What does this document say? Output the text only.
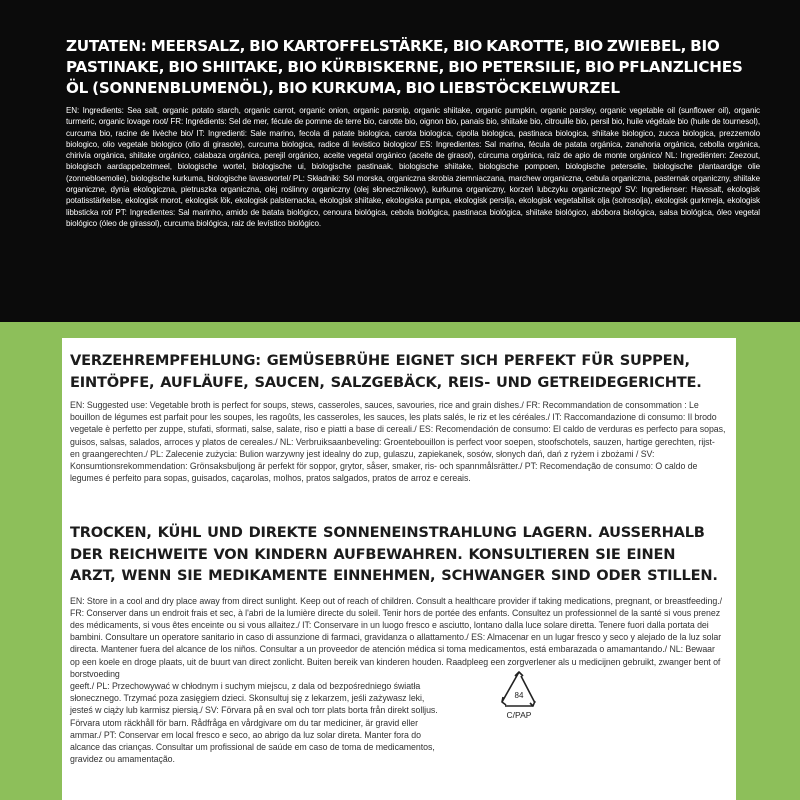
ZUTATEN: MEERSALZ, BIO KARTOFFELSTÄRKE, BIO KAROTTE, BIO ZWIEBEL, BIO PASTINAKE, BIO SHIITAKE, BIO KÜRBISKERNE, BIO PETERSILIE, BIO PFLANZLICHES ÖL (SONNENBLUMENÖL), BIO KURKUMA, BIO LIEBSTÖCKELWURZEL

EN: Ingredients: Sea salt, organic potato starch, organic carrot, organic onion, organic parsnip, organic shiitake, organic pumpkin, organic parsley, organic vegetable oil (sunflower oil), organic turmeric, organic lovage root/ FR: Ingrédients: Sel de mer, fécule de pomme de terre bio, carotte bio, oignon bio, panais bio, shiitake bio, citrouille bio, persil bio, huile végétale bio (huile de tournesol), curcuma bio, racine de livèche bio/ IT: Ingredienti: Sale marino, fecola di patate biologica, carota biologica, cipolla biologica, pastinaca biologica, shiitake biologico, zucca biologica, prezzemolo biologico, olio vegetale biologico (olio di girasole), curcuma biologica, radice di levistico biologico/ ES: Ingredientes: Sal marina, fécula de patata orgánica, zanahoria orgánica, cebolla orgánica, chirivía orgánica, shiitake orgánico, calabaza orgánica, perejil orgánico, aceite vegetal orgánico (aceite de girasol), cúrcuma orgánica, raíz de apio de monte orgánico/ NL: Ingrediënten: Zeezout, biologisch aardappelzetmeel, biologische wortel, biologische ui, biologische pastinaak, biologische shiitake, biologische pompoen, biologische peterselie, biologische plantaardige olie (zonnebloemolie), biologische kurkuma, biologische lavaswortel/ PL: Składniki: Sól morska, organiczna skrobia ziemniaczana, marchew organiczna, cebula organiczna, pasternak organiczny, shiitake organiczne, dynia ekologiczna, pietruszka organiczna, olej roślinny organiczny (olej słonecznikowy), kurkuma organiczny, korzeń lubczyku organicznego/ SV: Ingredienser: Havssalt, ekologisk potatisstärkelse, ekologisk morot, ekologisk lök, ekologisk palsternacka, ekologisk shiitake, ekologiska pumpa, ekologisk persilja, ekologisk vegetabilisk olja (solrosolja), ekologisk gurkmeja, ekologisk libbsticka rot/ PT: Ingredientes: Sal marinho, amido de batata biológico, cenoura biológica, cebola biológica, pastinaca biológica, shiitake biológico, abóbora biológica, salsa biológica, óleo vegetal biológico (óleo de girassol), curcuma biológica, raiz de levístico biológico.

VERZEHREMPFEHLUNG: GEMÜSEBRÜHE EIGNET SICH PERFEKT FÜR SUPPEN, EINTÖPFE, AUFLÄUFE, SAUCEN, SALZGEBÄCK, REIS- UND GETREIDEGERICHTE.

EN: Suggested use: Vegetable broth is perfect for soups, stews, casseroles, sauces, savouries, rice and grain dishes./ FR: Recommandation de consommation : Le bouillon de légumes est parfait pour les soupes, les ragoûts, les casseroles, les sauces, les plats salés, le riz et les céréales./ IT: Raccomandazione di consumo: Il brodo vegetale è perfetto per zuppe, stufati, sformati, salse, salate, riso e piatti a base di cereali./ ES: Recomendación de consumo: El caldo de verduras es perfecto para sopas, guisos, salsas, salados, arroces y platos de cereales./ NL: Verbruiksaanbeveling: Groentebouillon is perfect voor soepen, stoofschotels, sauzen, hartige gerechten, rijst- en graangerechten./ PL: Zalecenie zużycia: Bulion warzywny jest idealny do zup, gulaszu, zapiekanek, sosów, słonych dań, dań z ryżem i zbożami / SV: Konsumtionsrekommendation: Grönsaksbuljong är perfekt för soppor, grytor, såser, smaker, ris- och spannmålsrätter./ PT: Recomendação de consumo: O caldo de legumes é perfeito para sopas, guisados, caçarolas, molhos, pratos salgados, pratos de arroz e cereais.

TROCKEN, KÜHL UND DIREKTE SONNENEINSTRAHLUNG LAGERN. AUSSERHALB DER REICHWEITE VON KINDERN AUFBEWAHREN. KONSULTIEREN SIE EINEN ARZT, WENN SIE MEDIKAMENTE EINNEHMEN, SCHWANGER SIND ODER STILLEN.

EN: Store in a cool and dry place away from direct sunlight. Keep out of reach of children. Consult a healthcare provider if taking medications, pregnant, or breastfeeding./ FR: Conserver dans un endroit frais et sec, à l'abri de la lumière directe du soleil. Tenir hors de portée des enfants. Consultez un professionnel de la santé si vous prenez des médicaments, si vous êtes enceinte ou si vous allaitez./ IT: Conservare in un luogo fresco e asciutto, lontano dalla luce solare diretta. Tenere fuori dalla portata dei bambini. Consultare un operatore sanitario in caso di assunzione di farmaci, gravidanza o allattamento./ ES: Almacenar en un lugar fresco y seco y alejado de la luz solar directa. Mantener fuera del alcance de los niños. Consultar a un proveedor de atención médica si toma medicamentos, está embarazada o amamantando./ NL: Bewaar op een koele en droge plaats, uit de buurt van direct zonlicht. Buiten bereik van kinderen houden. Raadpleeg een zorgverlener als u medicijnen gebruikt, zwanger bent of borstvoeding

geeft./ PL: Przechowywać w chłodnym i suchym miejscu, z dala od bezpośredniego światła słonecznego. Trzymać poza zasięgiem dzieci. Skonsultuj się z lekarzem, jeśli zażywasz leki, jesteś w ciąży lub karmisz piersią./ SV: Förvara på en sval och torr plats borta från direkt solljus. Förvara utom räckhåll för barn. Rådfråga en vårdgivare om du tar mediciner, är gravid eller ammar./ PT: Conservar em local fresco e seco, ao abrigo da luz solar direta. Manter fora do alcance das crianças. Consultar um profissional de saúde em caso de toma de medicamentos, gravidez ou amamentação.

84
C/PAP
